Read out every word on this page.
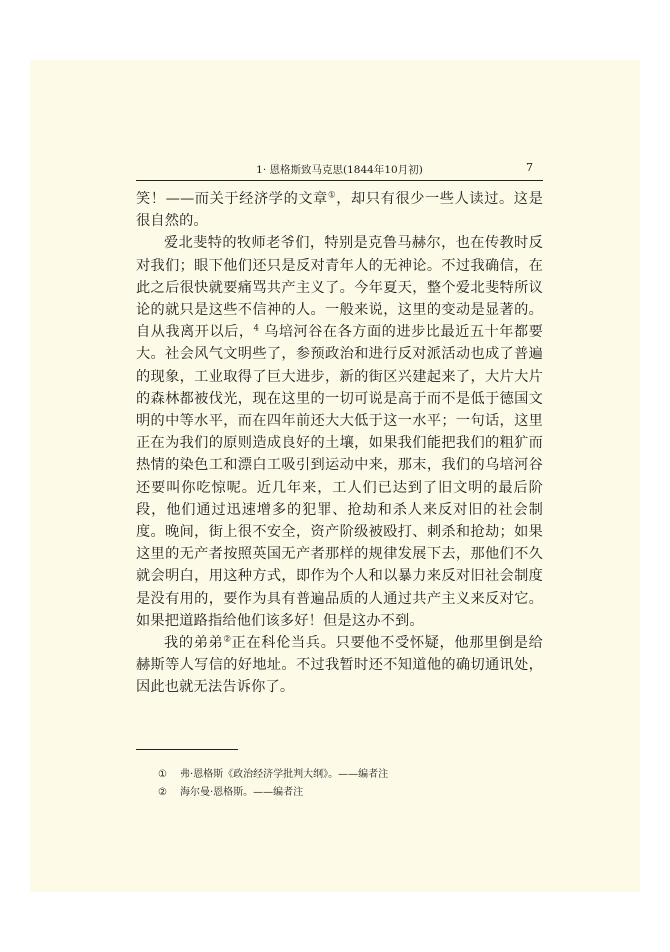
1· 恩格斯致马克思(1844年10月初)	7

笑！——而关于经济学的文章①，却只有很少一些人读过。这是很自然的。

爱北斐特的牧师老爷们，特别是克鲁马赫尔，也在传教时反对我们；眼下他们还只是反对青年人的无神论。不过我确信，在此之后很快就要痛骂共产主义了。今年夏天，整个爱北斐特所议论的就只是这些不信神的人。一般来说，这里的变动是显著的。自从我离开以后，$^4$ 乌培河谷在各方面的进步比最近五十年都要大。社会风气文明些了，参预政治和进行反对派活动也成了普遍的现象，工业取得了巨大进步，新的街区兴建起来了，大片大片的森林都被伐光，现在这里的一切可说是高于而不是低于德国文明的中等水平，而在四年前还大大低于这一水平；一句话，这里正在为我们的原则造成良好的土壤，如果我们能把我们的粗犷而热情的染色工和漂白工吸引到运动中来，那末，我们的乌培河谷还要叫你吃惊呢。近几年来，工人们已达到了旧文明的最后阶段，他们通过迅速增多的犯罪、抢劫和杀人来反对旧的社会制度。晚间，街上很不安全，资产阶级被殴打、刺杀和抢劫；如果这里的无产者按照英国无产者那样的规律发展下去，那他们不久就会明白，用这种方式，即作为个人和以暴力来反对旧社会制度是没有用的，要作为具有普遍品质的人通过共产主义来反对它。如果把道路指给他们该多好！但是这办不到。

我的弟弟②正在科伦当兵。只要他不受怀疑，他那里倒是给赫斯等人写信的好地址。不过我暂时还不知道他的确切通讯处，因此也就无法告诉你了。

① 弗·恩格斯《政治经济学批判大纲》。——编者注
② 海尔曼·恩格斯。——编者注
